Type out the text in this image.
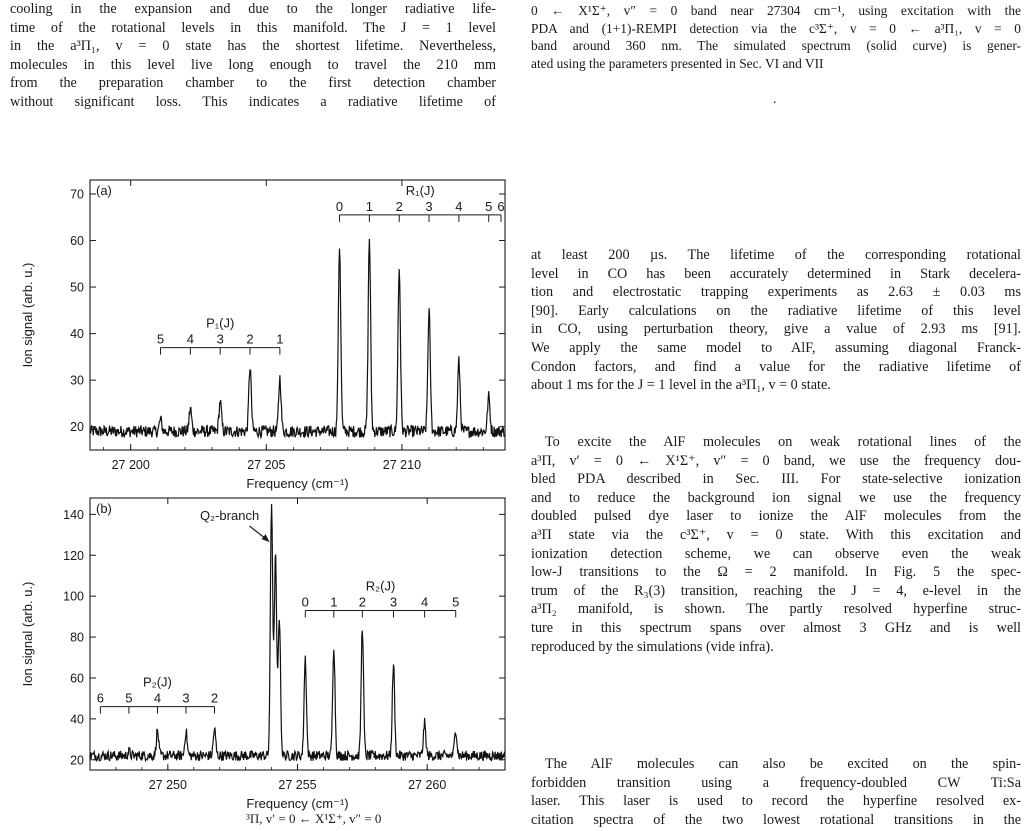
cooling in the expansion and due to the longer radiative life-
time of the rotational levels in this manifold. The J = 1 level
in the a³Π₁, v = 0 state has the shortest lifetime. Nevertheless,
molecules in this level live long enough to travel the 210 mm
from the preparation chamber to the first detection chamber
without significant loss. This indicates a radiative lifetime of
0 ← X¹Σ⁺, v″ = 0 band near 27304 cm⁻¹, using excitation with the
PDA and (1+1)-REMPI detection via the c³Σ⁺, v = 0 ← a³Π₁, v = 0
band around 360 nm. The simulated spectrum (solid curve) is gener-
ated using the parameters presented in Sec. VI and VII
.
at least 200 µs. The lifetime of the corresponding rotational
level in CO has been accurately determined in Stark decelera-
tion and electrostatic trapping experiments as 2.63 ± 0.03 ms
[90]. Early calculations on the radiative lifetime of this level
in CO, using perturbation theory, give a value of 2.93 ms [91].
We apply the same model to AlF, assuming diagonal Franck-
Condon factors, and find a value for the radiative lifetime of
about 1 ms for the J = 1 level in the a³Π₁, v = 0 state.
To excite the AlF molecules on weak rotational lines of the
a³Π, v′ = 0 ← X¹Σ⁺, v″ = 0 band, we use the frequency dou-
bled PDA described in Sec. III. For state-selective ionization
and to reduce the background ion signal we use the frequency
doubled pulsed dye laser to ionize the AlF molecules from the
a³Π state via the c³Σ⁺, v = 0 state. With this excitation and
ionization detection scheme, we can observe even the weak
low-J transitions to the Ω = 2 manifold. In Fig. 5 the spec-
trum of the R₃(3) transition, reaching the J = 4, e-level in the
a³Π₂ manifold, is shown. The partly resolved hyperfine struc-
ture in this spectrum spans over almost 3 GHz and is well
reproduced by the simulations (vide infra).
The AlF molecules can also be excited on the spin-
forbidden transition using a frequency-doubled CW Ti:Sa
laser. This laser is used to record the hyperfine resolved ex-
citation spectra of the two lowest rotational transitions in the
³Π, v′ = 0 ← X¹Σ⁺, v″ = 0
27 200	27 205	27 210
20
30
40
50
60
70
Frequency (cm⁻¹)
Ion signal (arb. u.)
(a)
0 1 2 3 4 5 6
R₁(J)
5 4 3 2 1
P₁(J)
27 250	27 255	27 260
20
40
60
80
100
120
140
Frequency (cm⁻¹)
Ion signal (arb. u.)
(b)
0 1 2 3 4 5
R₂(J)
6 5 4 3 2
P₂(J)
Q₂-branch
